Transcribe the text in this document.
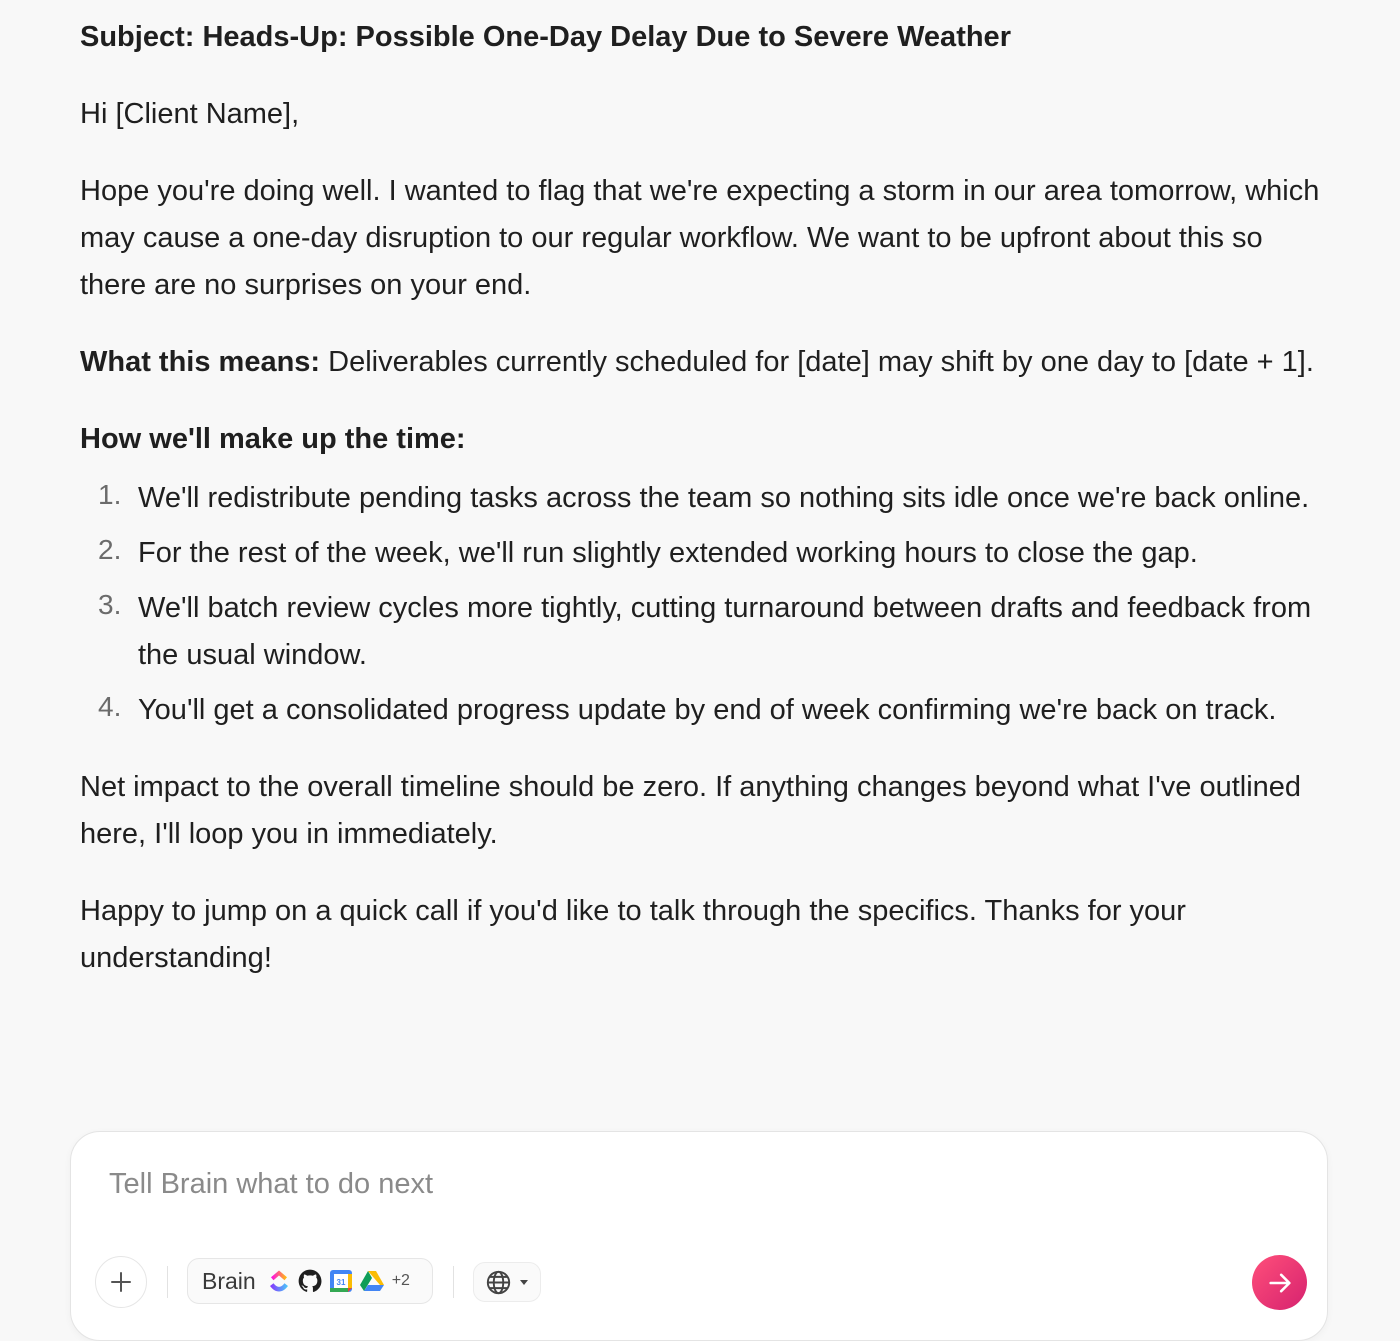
Subject: Heads-Up: Possible One-Day Delay Due to Severe Weather

Hi [Client Name],

Hope you're doing well. I wanted to flag that we're expecting a storm in our area tomorrow, which may cause a one-day disruption to our regular workflow. We want to be upfront about this so there are no surprises on your end.

What this means: Deliverables currently scheduled for [date] may shift by one day to [date + 1].

How we'll make up the time:

1. We'll redistribute pending tasks across the team so nothing sits idle once we're back online.
2. For the rest of the week, we'll run slightly extended working hours to close the gap.
3. We'll batch review cycles more tightly, cutting turnaround between drafts and feedback from the usual window.
4. You'll get a consolidated progress update by end of week confirming we're back on track.

Net impact to the overall timeline should be zero. If anything changes beyond what I've outlined here, I'll loop you in immediately.

Happy to jump on a quick call if you'd like to talk through the specifics. Thanks for your understanding!

Tell Brain what to do next
Brain	31	+2
